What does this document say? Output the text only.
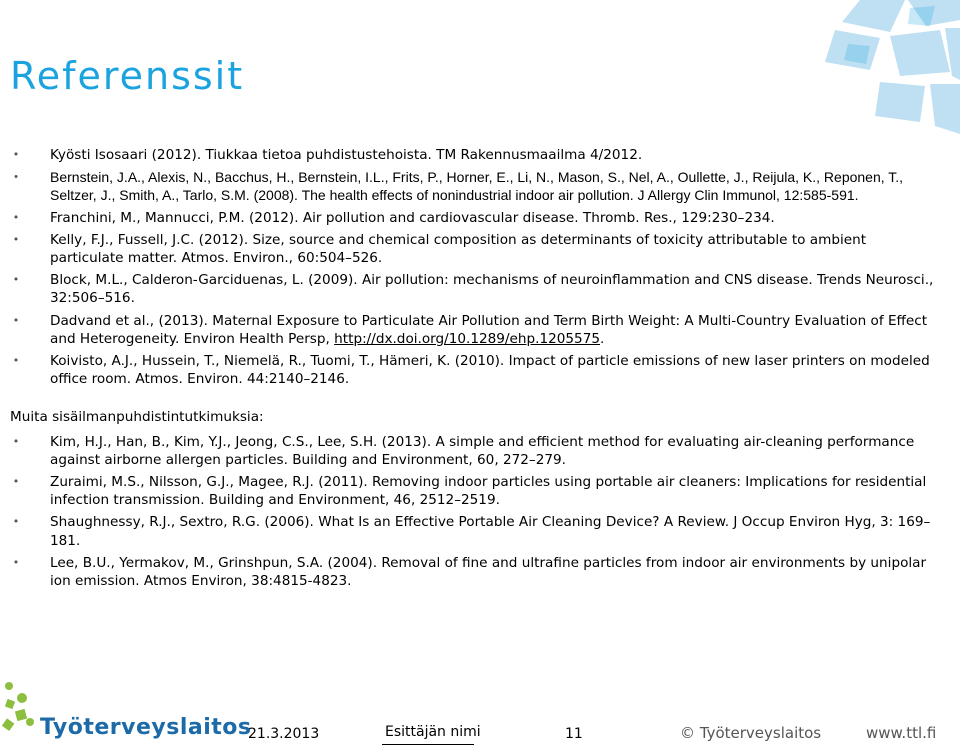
Referenssit
• Kyösti Isosaari (2012). Tiukkaa tietoa puhdistustehoista. TM Rakennusmaailma 4/2012.
• Bernstein, J.A., Alexis, N., Bacchus, H., Bernstein, I.L., Frits, P., Horner, E., Li, N., Mason, S., Nel, A., Oullette, J., Reijula, K., Reponen, T., Seltzer, J., Smith, A., Tarlo, S.M. (2008). The health effects of nonindustrial indoor air pollution. J Allergy Clin Immunol, 12:585-591.
• Franchini, M., Mannucci, P.M. (2012). Air pollution and cardiovascular disease. Thromb. Res., 129:230–234.
• Kelly, F.J., Fussell, J.C. (2012). Size, source and chemical composition as determinants of toxicity attributable to ambient particulate matter. Atmos. Environ., 60:504–526.
• Block, M.L., Calderon-Garciduenas, L. (2009). Air pollution: mechanisms of neuroinflammation and CNS disease. Trends Neurosci., 32:506–516.
• Dadvand et al., (2013). Maternal Exposure to Particulate Air Pollution and Term Birth Weight: A Multi-Country Evaluation of Effect and Heterogeneity. Environ Health Persp, http://dx.doi.org/10.1289/ehp.1205575.
• Koivisto, A.J., Hussein, T., Niemelä, R., Tuomi, T., Hämeri, K. (2010). Impact of particle emissions of new laser printers on modeled office room. Atmos. Environ. 44:2140–2146.
Muita sisäilmanpuhdistintutkimuksia:
• Kim, H.J., Han, B., Kim, Y.J., Jeong, C.S., Lee, S.H. (2013). A simple and efficient method for evaluating air-cleaning performance against airborne allergen particles. Building and Environment, 60, 272–279.
• Zuraimi, M.S., Nilsson, G.J., Magee, R.J. (2011). Removing indoor particles using portable air cleaners: Implications for residential infection transmission. Building and Environment, 46, 2512–2519.
• Shaughnessy, R.J., Sextro, R.G. (2006). What Is an Effective Portable Air Cleaning Device? A Review. J Occup Environ Hyg, 3: 169–181.
• Lee, B.U., Yermakov, M., Grinshpun, S.A. (2004). Removal of fine and ultrafine particles from indoor air environments by unipolar ion emission. Atmos Environ, 38:4815-4823.
Työterveyslaitos
21.3.2013	Esittäjän nimi	11	© Työterveyslaitos	www.ttl.fi
